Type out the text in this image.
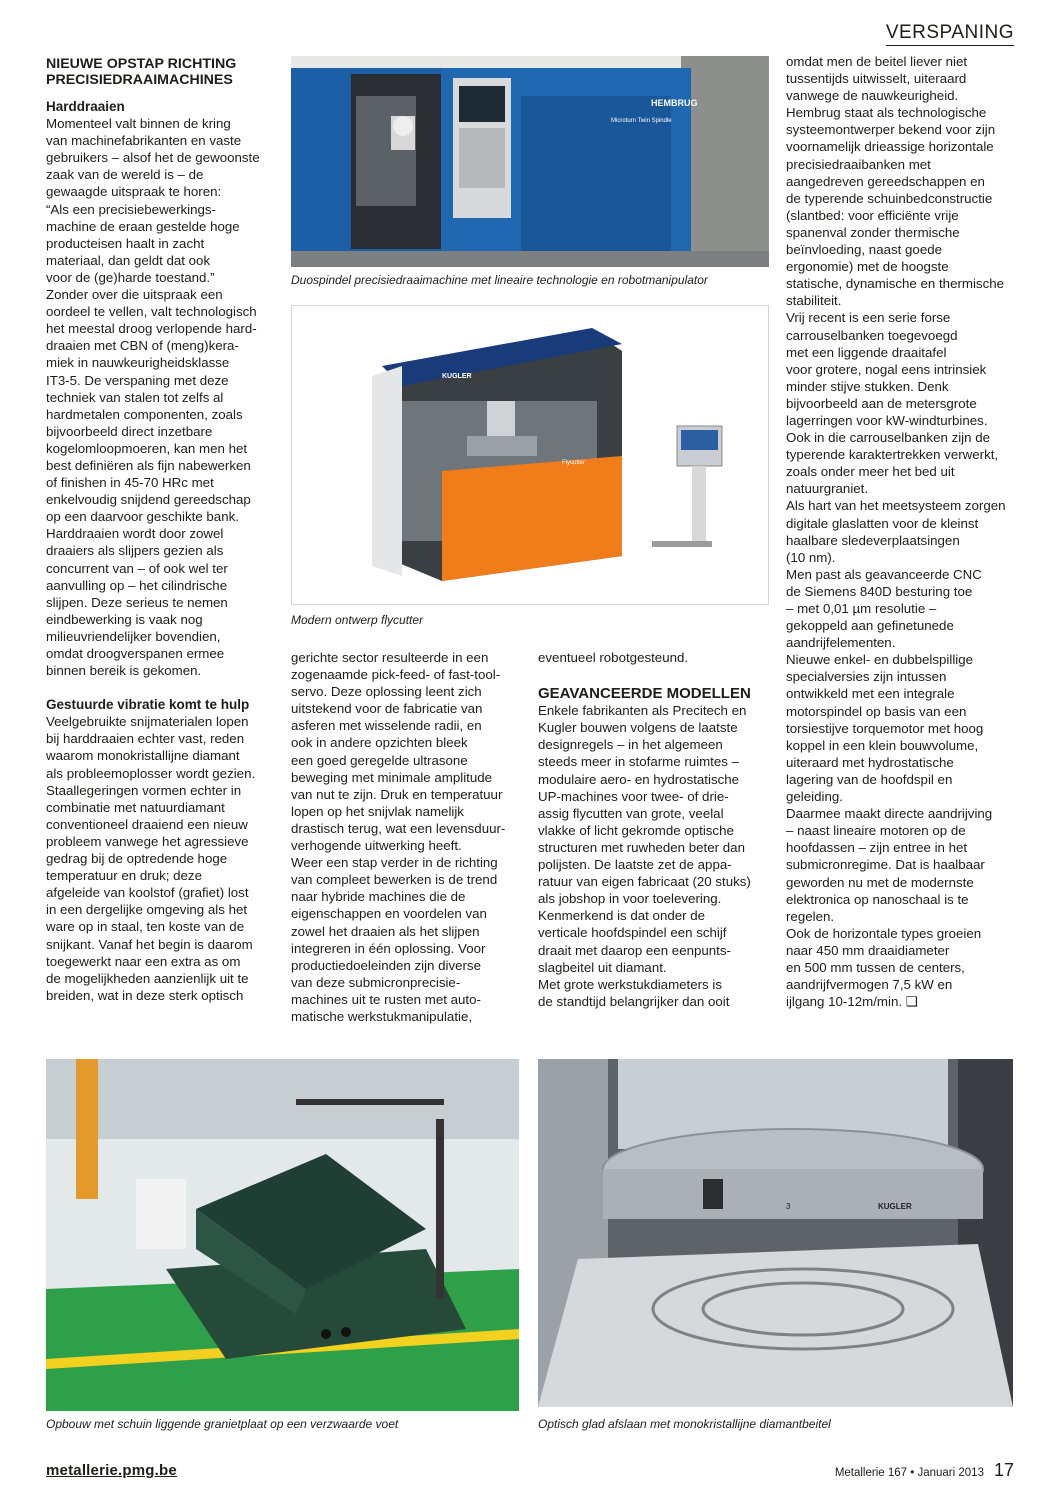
VERSPANING
NIEUWE OPSTAP RICHTING
PRECISIEDRAAIMACHINES

Harddraaien

Momenteel valt binnen de kring
van machinefabrikanten en vaste
gebruikers – alsof het de gewoonste
zaak van de wereld is – de
gewaagde uitspraak te horen:
“Als een precisiebewerkings-
machine de eraan gestelde hoge
producteisen haalt in zacht
materiaal, dan geldt dat ook
voor de (ge)harde toestand.”
Zonder over die uitspraak een
oordeel te vellen, valt technologisch
het meestal droog verlopende hard-
draaien met CBN of (meng)kera-
miek in nauwkeurigheidsklasse
IT3-5. De verspaning met deze
techniek van stalen tot zelfs al
hardmetalen componenten, zoals
bijvoorbeeld direct inzetbare
kogelomloopmoeren, kan men het
best definiëren als fijn nabewerken
of finishen in 45-70 HRc met
enkelvoudig snijdend gereedschap
op een daarvoor geschikte bank.
Harddraaien wordt door zowel
draaiers als slijpers gezien als
concurrent van – of ook wel ter
aanvulling op – het cilindrische
slijpen. Deze serieus te nemen
eindbewerking is vaak nog
milieuvriendelijker bovendien,
omdat droogverspanen ermee
binnen bereik is gekomen.

Gestuurde vibratie komt te hulp

Veelgebruikte snijmaterialen lopen
bij harddraaien echter vast, reden
waarom monokristallijne diamant
als probleemoplosser wordt gezien.
Staallegeringen vormen echter in
combinatie met natuurdiamant
conventioneel draaiend een nieuw
probleem vanwege het agressieve
gedrag bij de optredende hoge
temperatuur en druk; deze
afgeleide van koolstof (grafiet) lost
in een dergelijke omgeving als het
ware op in staal, ten koste van de
snijkant. Vanaf het begin is daarom
toegewerkt naar een extra as om
de mogelijkheden aanzienlijk uit te
breiden, wat in deze sterk optisch
HEMBRUG
Microturn Twin Spindle
Duospindel precisiedraaimachine met lineaire technologie en robotmanipulator
KUGLER
Flycutter
Modern ontwerp flycutter
gerichte sector resulteerde in een
zogenaamde pick-feed- of fast-tool-
servo. Deze oplossing leent zich
uitstekend voor de fabricatie van
asferen met wisselende radii, en
ook in andere opzichten bleek
een goed geregelde ultrasone
beweging met minimale amplitude
van nut te zijn. Druk en temperatuur
lopen op het snijvlak namelijk
drastisch terug, wat een levensduur-
verhogende uitwerking heeft.
Weer een stap verder in de richting
van compleet bewerken is de trend
naar hybride machines die de
eigenschappen en voordelen van
zowel het draaien als het slijpen
integreren in één oplossing. Voor
productiedoeleinden zijn diverse
van deze submicronprecisie-
machines uit te rusten met auto-
matische werkstukmanipulatie,
eventueel robotgesteund.

GEAVANCEERDE MODELLEN

Enkele fabrikanten als Precitech en
Kugler bouwen volgens de laatste
designregels – in het algemeen
steeds meer in stofarme ruimtes –
modulaire aero- en hydrostatische
UP-machines voor twee- of drie-
assig flycutten van grote, veelal
vlakke of licht gekromde optische
structuren met ruwheden beter dan
polijsten. De laatste zet de appa-
ratuur van eigen fabricaat (20 stuks)
als jobshop in voor toelevering.
Kenmerkend is dat onder de
verticale hoofdspindel een schijf
draait met daarop een eenpunts-
slagbeitel uit diamant.
Met grote werkstukdiameters is
de standtijd belangrijker dan ooit
omdat men de beitel liever niet
tussentijds uitwisselt, uiteraard
vanwege de nauwkeurigheid.
Hembrug staat als technologische
systeemontwerper bekend voor zijn
voornamelijk drieassige horizontale
precisiedraaibanken met
aangedreven gereedschappen en
de typerende schuinbedconstructie
(slantbed: voor efficiënte vrije
spanenval zonder thermische
beïnvloeding, naast goede
ergonomie) met de hoogste
statische, dynamische en thermische
stabiliteit.
Vrij recent is een serie forse
carrouselbanken toegevoegd
met een liggende draaitafel
voor grotere, nogal eens intrinsiek
minder stijve stukken. Denk
bijvoorbeeld aan de metersgrote
lagerringen voor kW-windturbines.
Ook in die carrouselbanken zijn de
typerende karaktertrekken verwerkt,
zoals onder meer het bed uit
natuurgraniet.
Als hart van het meetsysteem zorgen
digitale glaslatten voor de kleinst
haalbare sledeverplaatsingen
(10 nm).
Men past als geavanceerde CNC
de Siemens 840D besturing toe
– met 0,01 µm resolutie –
gekoppeld aan gefinetunede
aandrijfelementen.
Nieuwe enkel- en dubbelspillige
specialversies zijn intussen
ontwikkeld met een integrale
motorspindel op basis van een
torsiestijve torquemotor met hoog
koppel in een klein bouwvolume,
uiteraard met hydrostatische
lagering van de hoofdspil en
geleiding.
Daarmee maakt directe aandrijving
– naast lineaire motoren op de
hoofdassen – zijn entree in het
submicronregime. Dat is haalbaar
geworden nu met de modernste
elektronica op nanoschaal is te
regelen.
Ook de horizontale types groeien
naar 450 mm draaidiameter
en 500 mm tussen de centers,
aandrijfvermogen 7,5 kW en
ijlgang 10-12m/min. ❑
Opbouw met schuin liggende granietplaat op een verzwaarde voet
3	KUGLER
Optisch glad afslaan met monokristallijne diamantbeitel
metallerie.pmg.be	Metallerie 167 • Januari 2013 17
